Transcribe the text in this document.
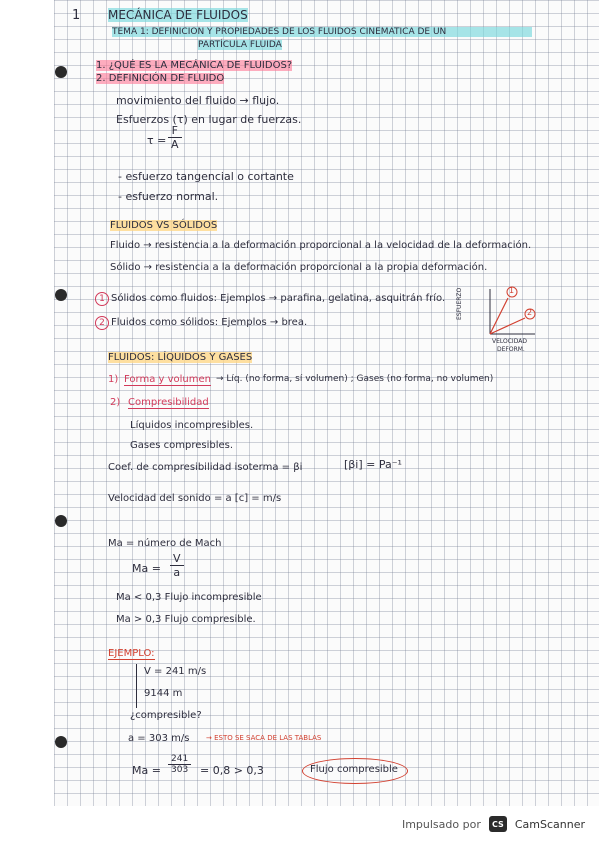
1 MECÁNICA DE FLUIDOS
TEMA 1: DEFINICIÓN Y PROPIEDADES DE LOS FLUIDOS CINEMÁTICA DE UN
PARTÍCULA FLUIDA
1. ¿QUÉ ES LA MECÁNICA DE FLUIDOS?
2. DEFINICIÓN DE FLUIDO
movimiento del fluido → flujo.
Esfuerzos (τ) en lugar de fuerzas.
$\tau = \frac{F}{A}$
- esfuerzo tangencial o cortante
- esfuerzo normal.
FLUIDOS VS SÓLIDOS
Fluido → resistencia a la deformación proporcional a la velocidad de la deformación.
Sólido → resistencia a la deformación proporcional a la propia deformación.
1 Sólidos como fluidos: Ejemplos → parafina, gelatina, asquitrán frío.
2 Fluidos como sólidos: Ejemplos → brea.
1
2
ESFUERZO
VELOCIDAD
DEFORM.
FLUIDOS: LÍQUIDOS Y GASES
1) Forma y volumen → Líq. (no forma, sí volumen) ; Gases (no forma, no volumen)
2) Compresibilidad
Líquidos incompresibles.
Gases compresibles.
Coef. de compresibilidad isoterma = βi	[βi] = Pa⁻¹
Velocidad del sonido = a [c] = m/s
Ma = número de Mach
$Ma = \frac{V}{a}$
Ma < 0,3 Flujo incompresible
Ma > 0,3 Flujo compresible.
EJEMPLO:
V = 241 m/s
9144 m
¿compresible?
a = 303 m/s → ESTO SE SACA DE LAS TABLAS
$Ma = \frac{241}{303} = 0,8 > 0,3$	Flujo compresible
Impulsado por	CS CamScanner
